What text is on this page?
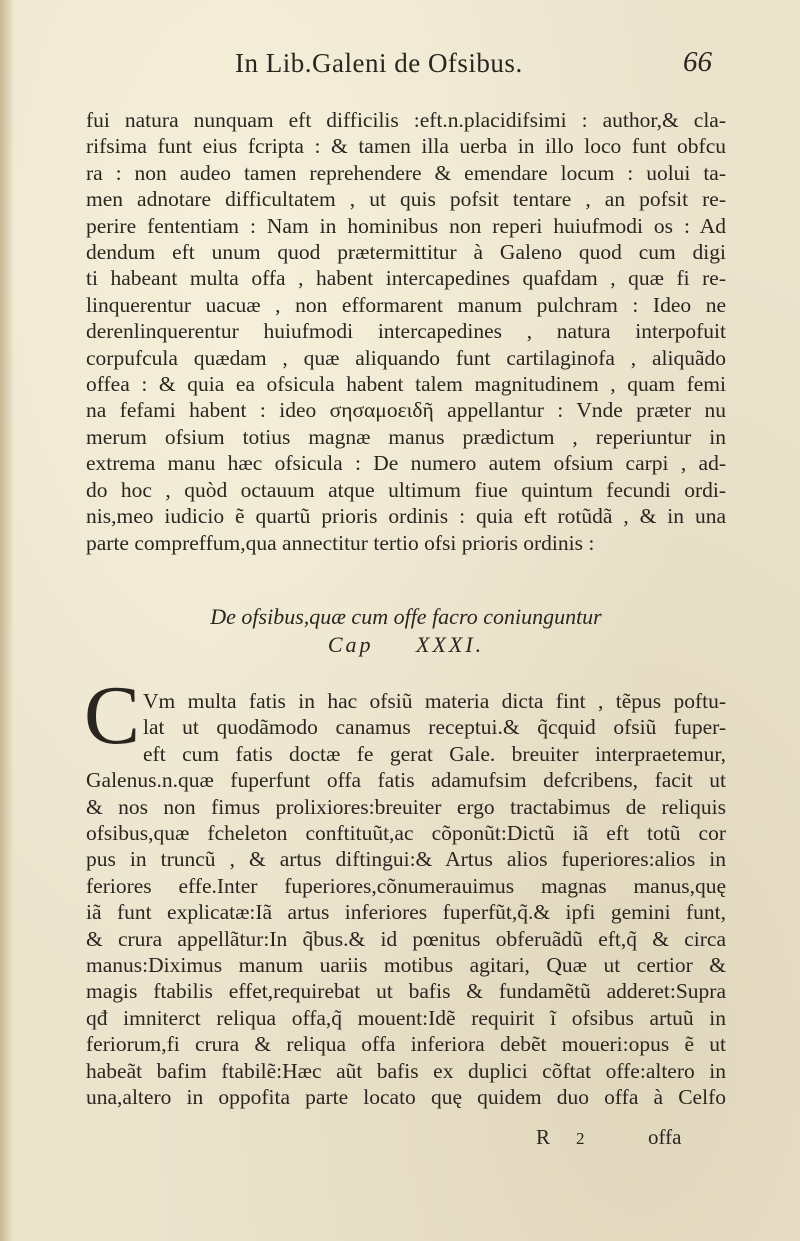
In Lib.Galeni de Ofsibus.	66
fui natura nunquam eft difficilis :eft.n.placidifsimi : author,& cla-
rifsima funt eius fcripta : & tamen illa uerba in illo loco funt obfcu
ra : non audeo tamen reprehendere & emendare locum : uolui ta-
men adnotare difficultatem , ut quis pofsit tentare , an pofsit re-
perire fententiam : Nam in hominibus non reperi huiufmodi os : Ad
dendum eft unum quod prætermittitur à Galeno quod cum digi
ti habeant multa offa , habent intercapedines quafdam , quæ fi re-
linquerentur uacuæ , non efformarent manum pulchram : Ideo ne
derenlinquerentur huiufmodi intercapedines , natura interpofuit
corpufcula quædam , quæ aliquando funt cartilaginofa , aliquãdo
offea : & quia ea ofsicula habent talem magnitudinem , quam femi
na fefami habent : ideo σησαμοειδῆ appellantur : Vnde præter nu
merum ofsium totius magnæ manus prædictum , reperiuntur in
extrema manu hæc ofsicula : De numero autem ofsium carpi , ad-
do hoc , quòd octauum atque ultimum fiue quintum fecundi ordi-
nis,meo iudicio ẽ quartũ prioris ordinis : quia eft rotũdã , & in una
parte compreffum,qua annectitur tertio ofsi prioris ordinis :
De ofsibus,quæ cum offe facro coniunguntur
Cap     XXXI.
C Vm multa fatis in hac ofsiũ materia dicta fint , tẽpus poftu-
lat ut quodãmodo canamus receptui.& q̃cquid ofsiũ fuper-
eft cum fatis doctæ fe gerat Gale. breuiter interpraetemur,
Galenus.n.quæ fuperfunt offa fatis adamufsim defcribens, facit ut
& nos non fimus prolixiores:breuiter ergo tractabimus de reliquis
ofsibus,quæ fcheleton conftituũt,ac cõponũt:Dictũ iã eft totũ cor
pus in truncũ , & artus diftingui:& Artus alios fuperiores:alios in
feriores effe.Inter fuperiores,cõnumerauimus magnas manus,quę
iã funt explicatæ:Iã artus inferiores fuperfũt,q̃.& ipfi gemini funt,
& crura appellãtur:In q̃bus.& id pœnitus obferuãdũ eft,q̃ & circa
manus:Diximus manum uariis motibus agitari, Quæ ut certior &
magis ftabilis effet,requirebat ut bafis & fundamẽtũ adderet:Supra
qđ imniterct reliqua offa,q̃ mouent:Idẽ requirit ĩ ofsibus artuũ in
feriorum,fi crura & reliqua offa inferiora debẽt moueri:opus ẽ ut
habeãt bafim ftabilẽ:Hæc aũt bafis ex duplici cõftat offe:altero in
una,altero in oppofita parte locato quę quidem duo offa à Celfo
R 2	offa
